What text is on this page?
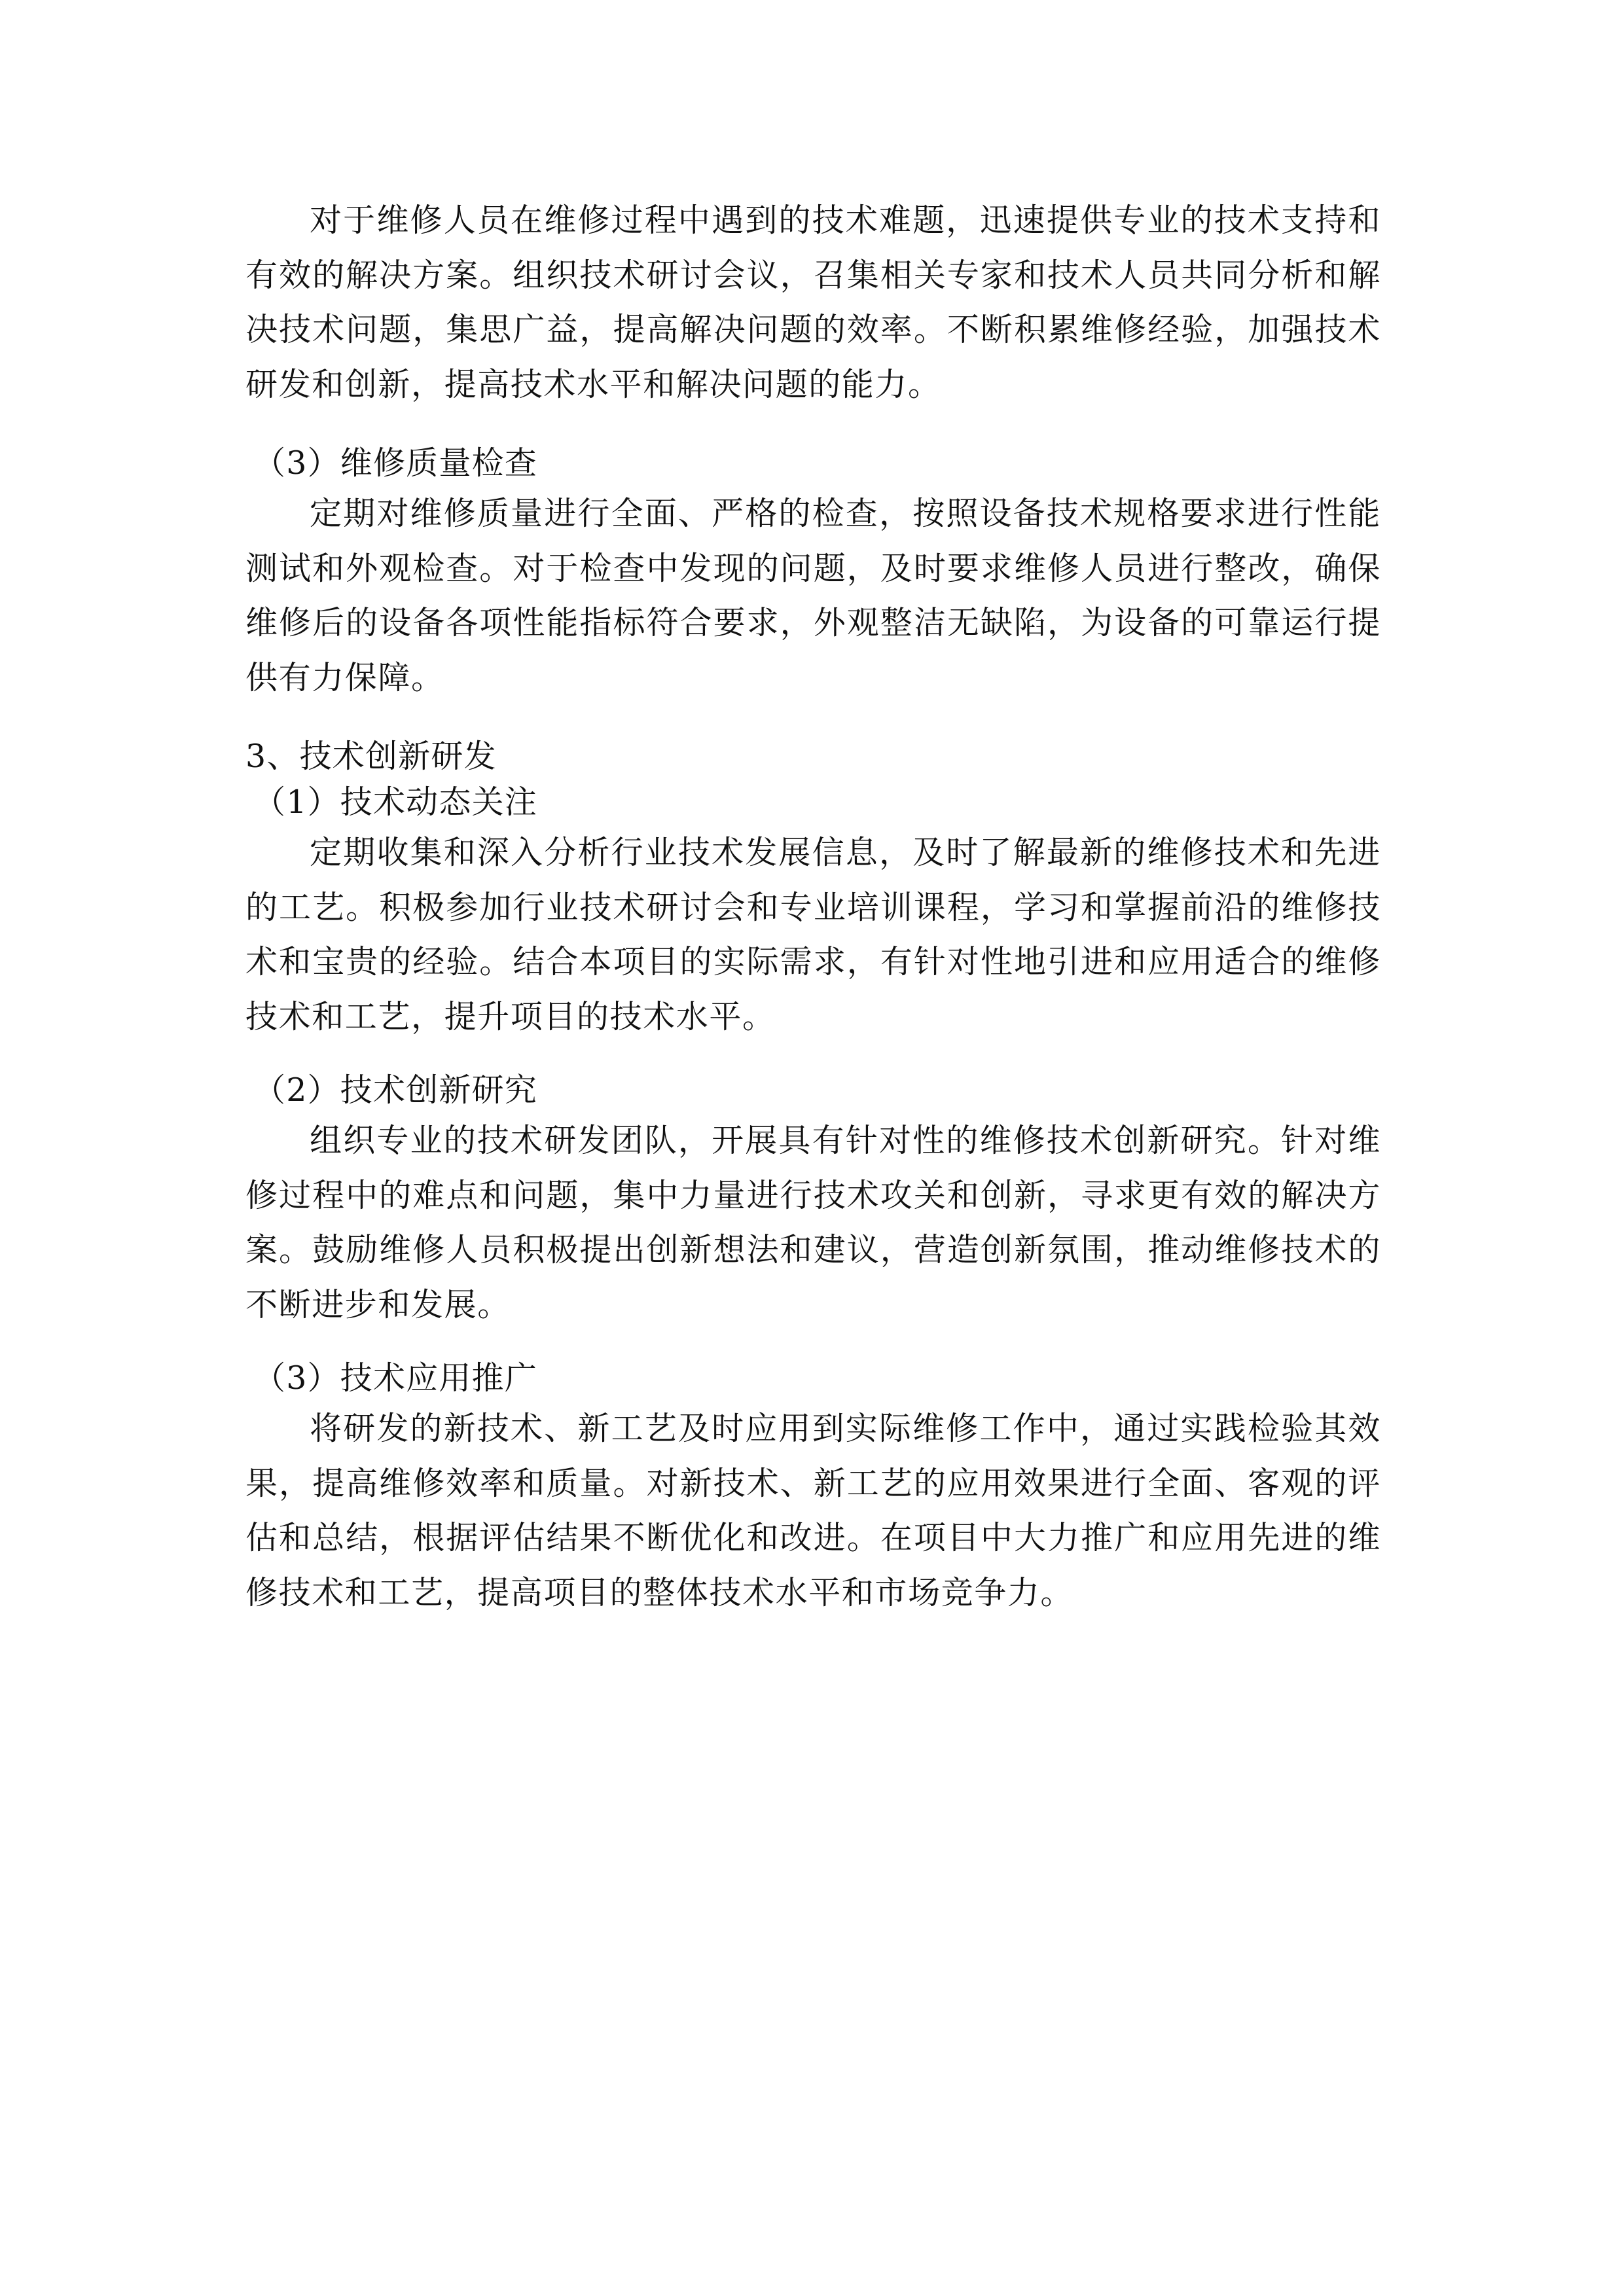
对于维修人员在维修过程中遇到的技术难题，迅速提供专业的技术支持和有效的解决方案。组织技术研讨会议，召集相关专家和技术人员共同分析和解决技术问题，集思广益，提高解决问题的效率。不断积累维修经验，加强技术研发和创新，提高技术水平和解决问题的能力。

（3）维修质量检查

定期对维修质量进行全面、严格的检查，按照设备技术规格要求进行性能测试和外观检查。对于检查中发现的问题，及时要求维修人员进行整改，确保维修后的设备各项性能指标符合要求，外观整洁无缺陷，为设备的可靠运行提供有力保障。

3、技术创新研发

（1）技术动态关注

定期收集和深入分析行业技术发展信息，及时了解最新的维修技术和先进的工艺。积极参加行业技术研讨会和专业培训课程，学习和掌握前沿的维修技术和宝贵的经验。结合本项目的实际需求，有针对性地引进和应用适合的维修技术和工艺，提升项目的技术水平。

（2）技术创新研究

组织专业的技术研发团队，开展具有针对性的维修技术创新研究。针对维修过程中的难点和问题，集中力量进行技术攻关和创新，寻求更有效的解决方案。鼓励维修人员积极提出创新想法和建议，营造创新氛围，推动维修技术的不断进步和发展。

（3）技术应用推广

将研发的新技术、新工艺及时应用到实际维修工作中，通过实践检验其效果，提高维修效率和质量。对新技术、新工艺的应用效果进行全面、客观的评估和总结，根据评估结果不断优化和改进。在项目中大力推广和应用先进的维修技术和工艺，提高项目的整体技术水平和市场竞争力。
